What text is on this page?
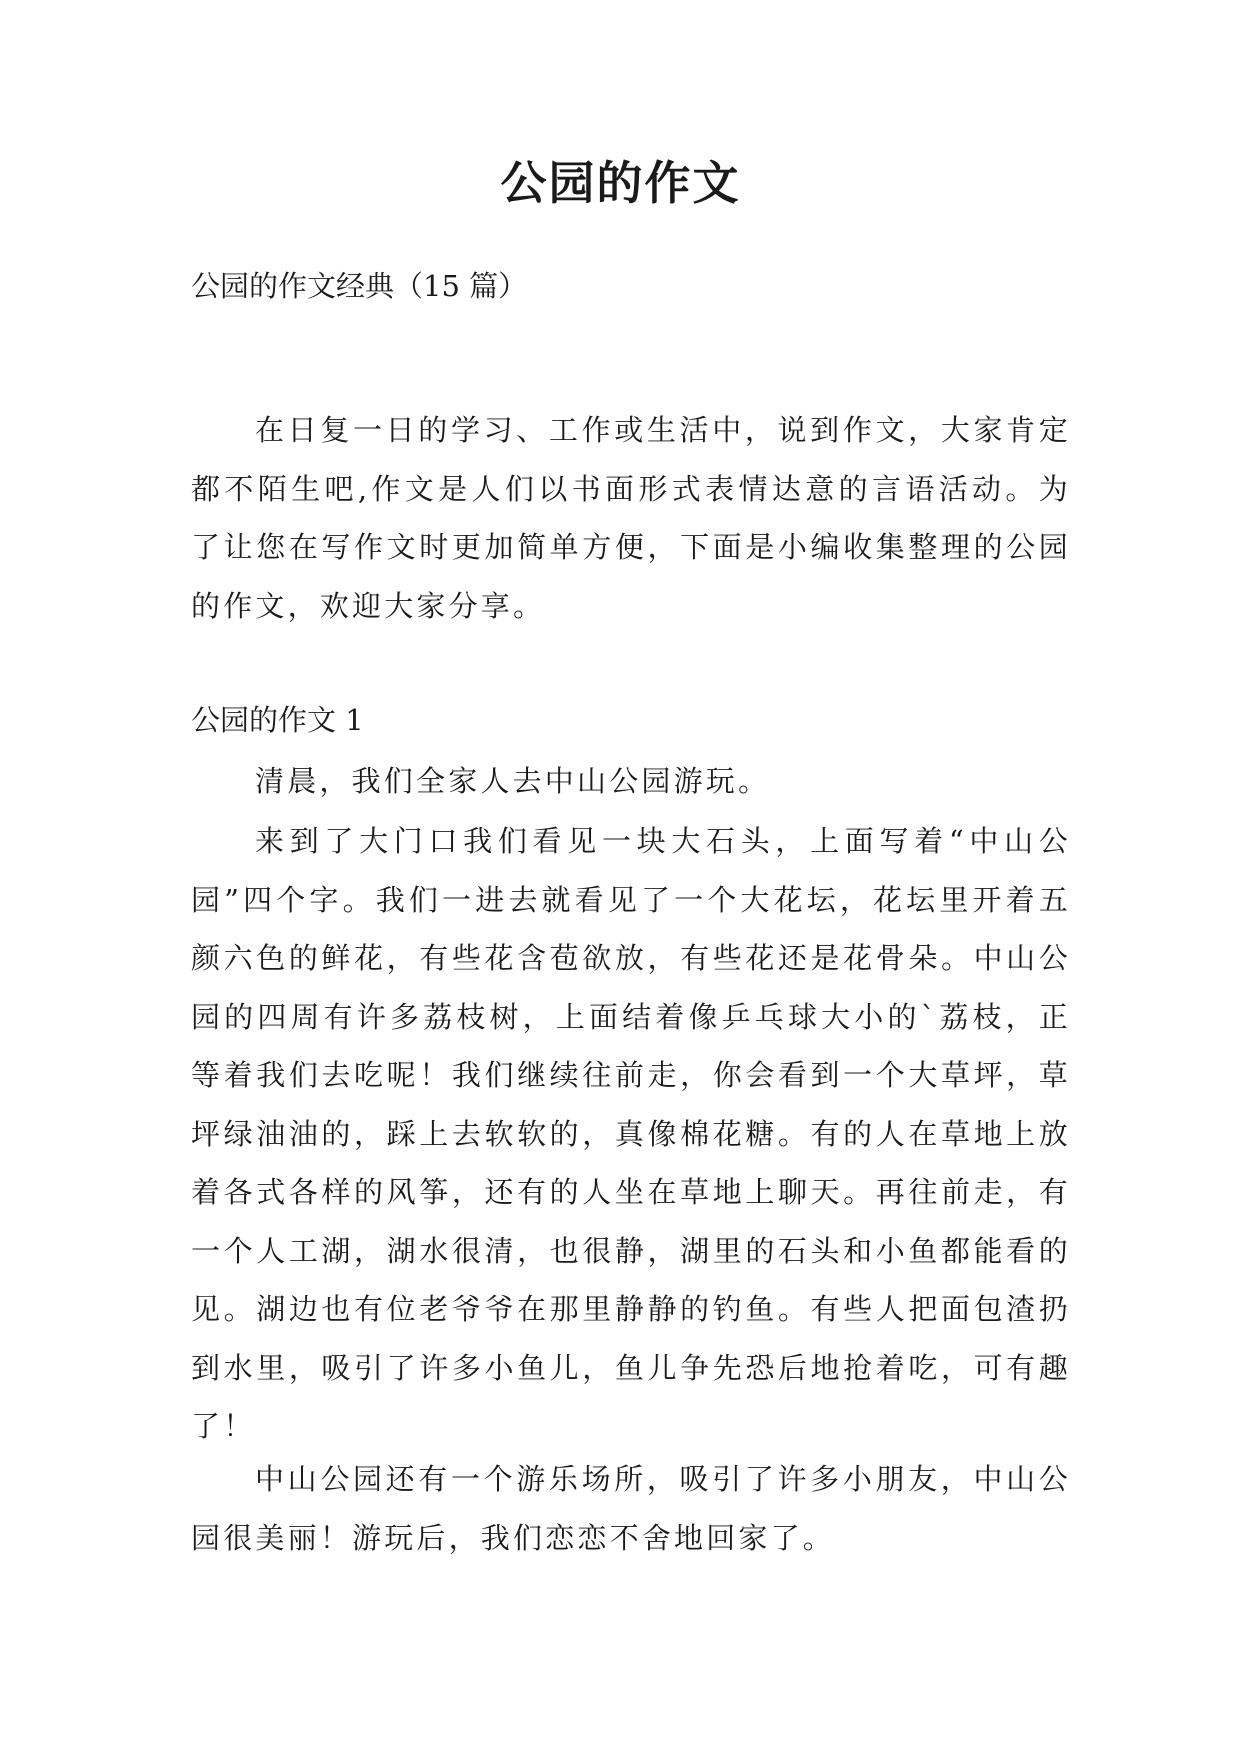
公园的作文

公园的作文经典（15 篇）

在日复一日的学习、工作或生活中，说到作文，大家肯定都不陌生吧,作文是人们以书面形式表情达意的言语活动。为了让您在写作文时更加简单方便，下面是小编收集整理的公园的作文，欢迎大家分享。

公园的作文 1

清晨，我们全家人去中山公园游玩。

来到了大门口我们看见一块大石头，上面写着“中山公园”四个字。我们一进去就看见了一个大花坛，花坛里开着五颜六色的鲜花，有些花含苞欲放，有些花还是花骨朵。中山公园的四周有许多荔枝树，上面结着像乒乓球大小的`荔枝，正等着我们去吃呢！我们继续往前走，你会看到一个大草坪，草坪绿油油的，踩上去软软的，真像棉花糖。有的人在草地上放着各式各样的风筝，还有的人坐在草地上聊天。再往前走，有一个人工湖，湖水很清，也很静，湖里的石头和小鱼都能看的见。湖边也有位老爷爷在那里静静的钓鱼。有些人把面包渣扔到水里，吸引了许多小鱼儿，鱼儿争先恐后地抢着吃，可有趣了！

中山公园还有一个游乐场所，吸引了许多小朋友，中山公园很美丽！游玩后，我们恋恋不舍地回家了。
